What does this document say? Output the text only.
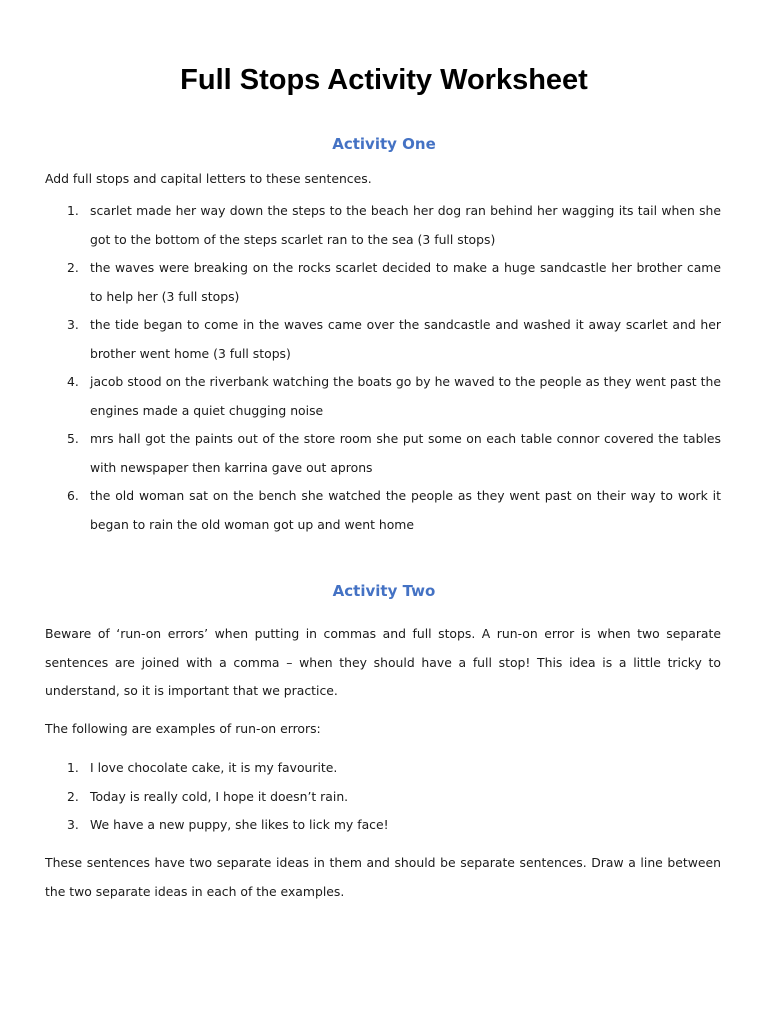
Full Stops Activity Worksheet
Activity One

Add full stops and capital letters to these sentences.

1. scarlet made her way down the steps to the beach her dog ran behind her wagging its tail when she got to the bottom of the steps scarlet ran to the sea (3 full stops)
2. the waves were breaking on the rocks scarlet decided to make a huge sandcastle her brother came to help her (3 full stops)
3. the tide began to come in the waves came over the sandcastle and washed it away scarlet and her brother went home (3 full stops)
4. jacob stood on the riverbank watching the boats go by he waved to the people as they went past the engines made a quiet chugging noise
5. mrs hall got the paints out of the store room she put some on each table connor covered the tables with newspaper then karrina gave out aprons
6. the old woman sat on the bench she watched the people as they went past on their way to work it began to rain the old woman got up and went home
Activity Two

Beware of ‘run-on errors’ when putting in commas and full stops. A run-on error is when two separate sentences are joined with a comma – when they should have a full stop! This idea is a little tricky to understand, so it is important that we practice.

The following are examples of run-on errors:

1. I love chocolate cake, it is my favourite.
2. Today is really cold, I hope it doesn’t rain.
3. We have a new puppy, she likes to lick my face!

These sentences have two separate ideas in them and should be separate sentences. Draw a line between the two separate ideas in each of the examples.
